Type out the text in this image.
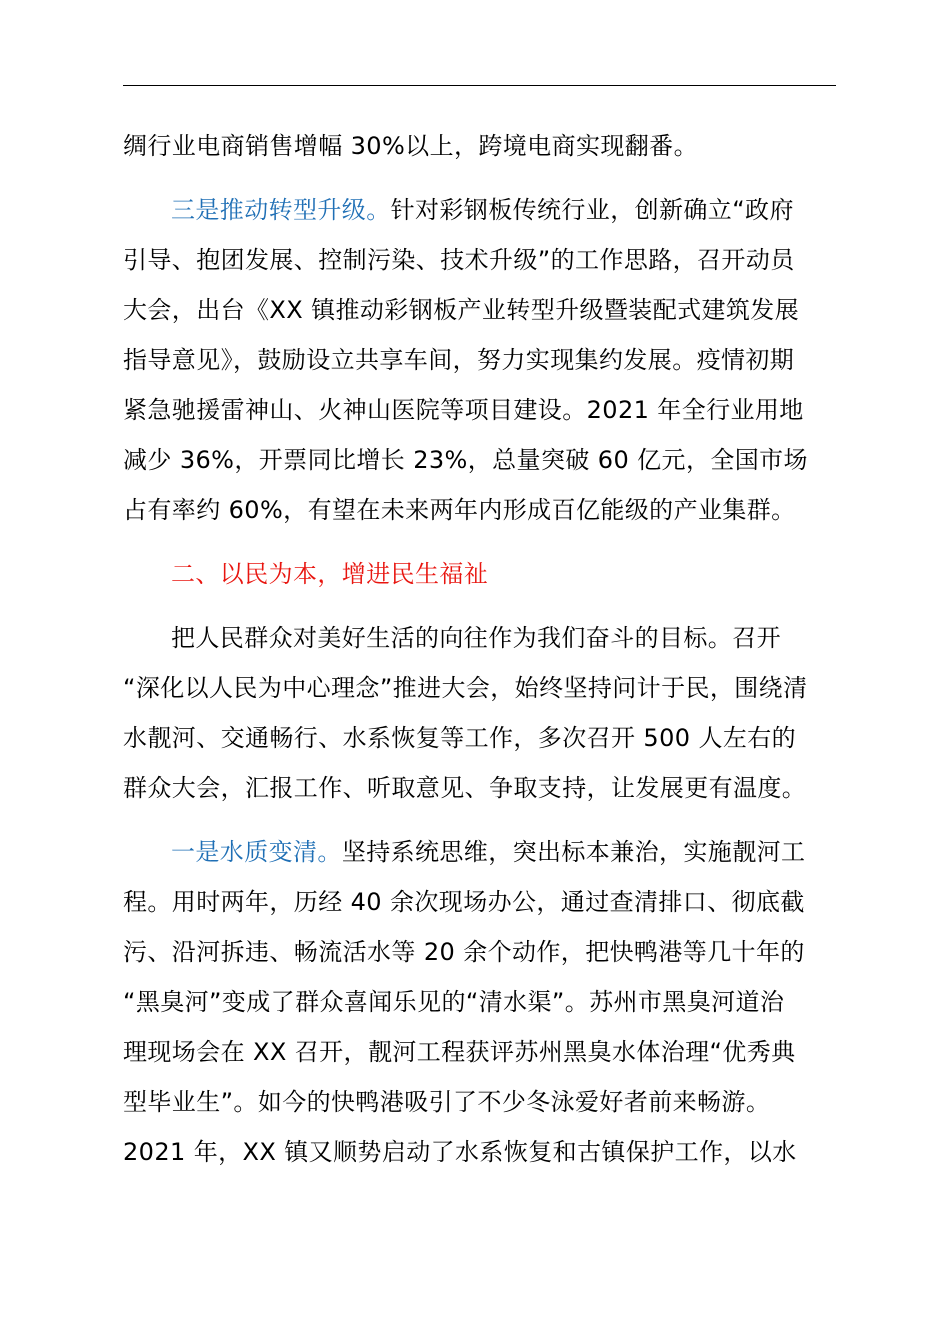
绸行业电商销售增幅 30%以上，跨境电商实现翻番。
三是推动转型升级。针对彩钢板传统行业，创新确立“政府
引导、抱团发展、控制污染、技术升级”的工作思路，召开动员
大会，出台《XX 镇推动彩钢板产业转型升级暨装配式建筑发展
指导意见》，鼓励设立共享车间，努力实现集约发展。疫情初期
紧急驰援雷神山、火神山医院等项目建设。2021 年全行业用地
减少 36%，开票同比增长 23%，总量突破 60 亿元，全国市场
占有率约 60%，有望在未来两年内形成百亿能级的产业集群。
二、以民为本，增进民生福祉
把人民群众对美好生活的向往作为我们奋斗的目标。召开
“深化以人民为中心理念”推进大会，始终坚持问计于民，围绕清
水靓河、交通畅行、水系恢复等工作，多次召开 500 人左右的
群众大会，汇报工作、听取意见、争取支持，让发展更有温度。
一是水质变清。坚持系统思维，突出标本兼治，实施靓河工
程。用时两年，历经 40 余次现场办公，通过查清排口、彻底截
污、沿河拆违、畅流活水等 20 余个动作，把快鸭港等几十年的
“黑臭河”变成了群众喜闻乐见的“清水渠”。苏州市黑臭河道治
理现场会在 XX 召开，靓河工程获评苏州黑臭水体治理“优秀典
型毕业生”。如今的快鸭港吸引了不少冬泳爱好者前来畅游。
2021 年，XX 镇又顺势启动了水系恢复和古镇保护工作，以水
